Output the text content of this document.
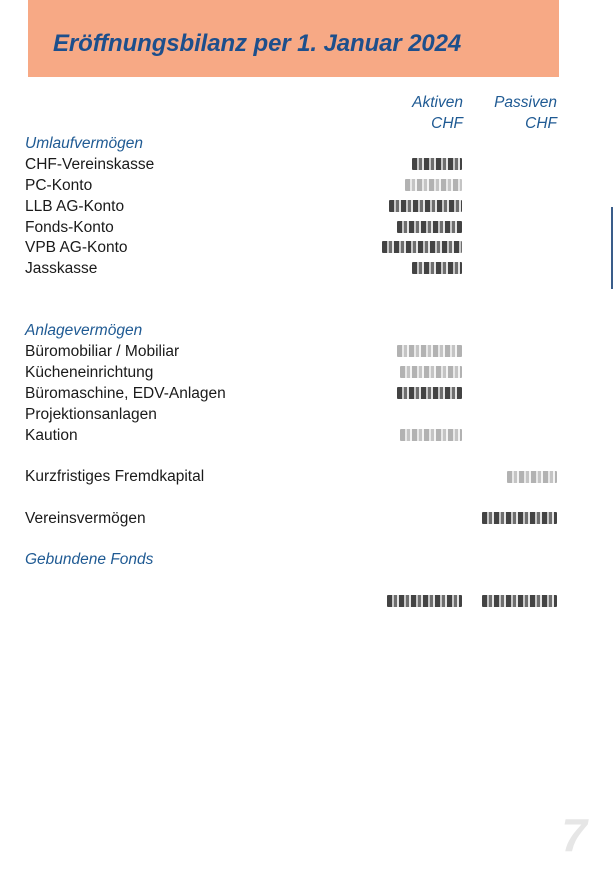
Eröffnungsbilanz per 1. Januar 2024
Aktiven
CHF
Passiven
CHF
Umlaufvermögen
CHF-Vereinskasse
PC-Konto
LLB AG-Konto
Fonds-Konto
VPB AG-Konto
Jasskasse
Anlagevermögen
Büromobiliar / Mobiliar
Kücheneinrichtung
Büromaschine, EDV-Anlagen
Projektionsanlagen
Kaution
Kurzfristiges Fremdkapital
Vereinsvermögen
Gebundene Fonds
7
